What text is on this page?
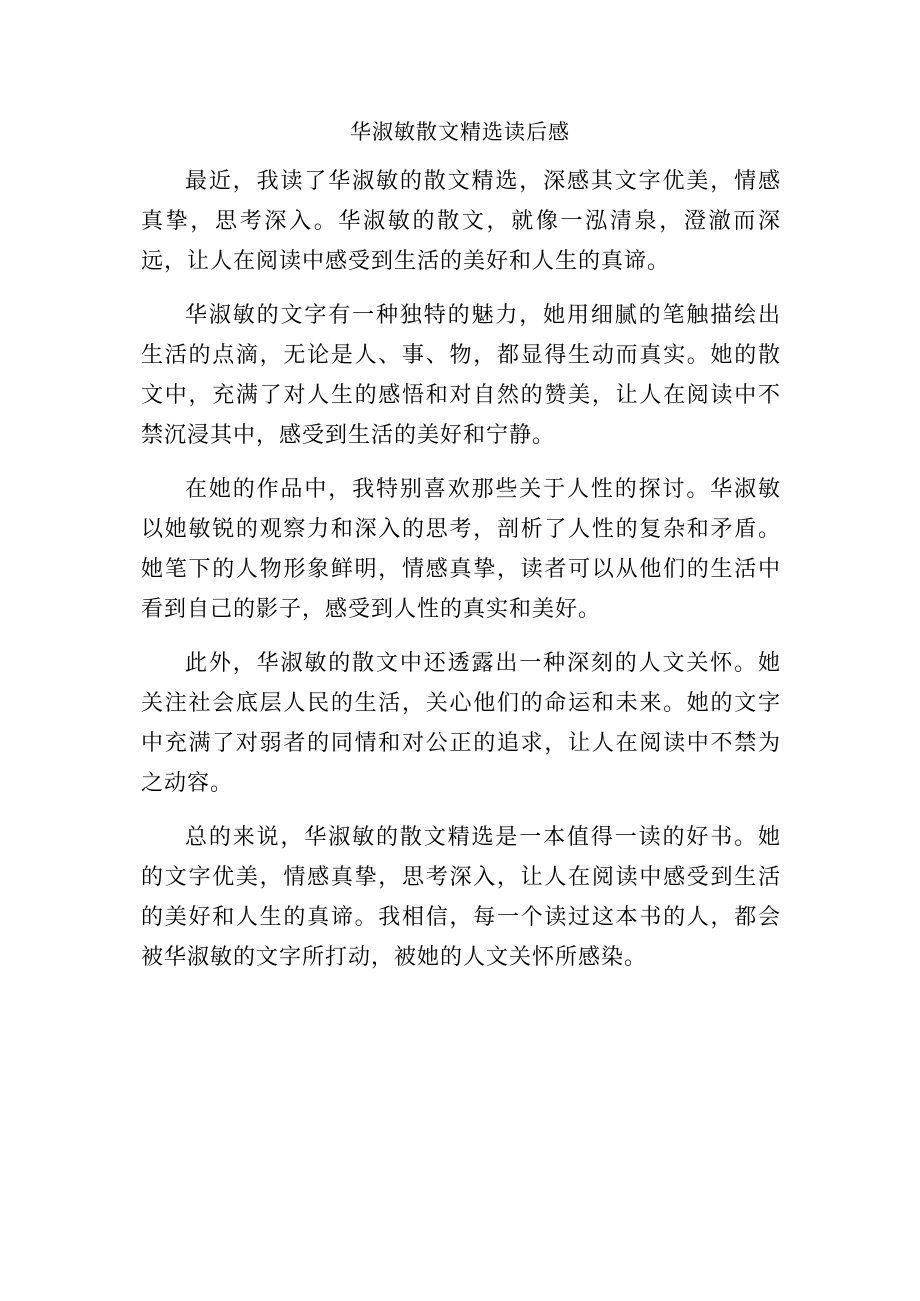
华淑敏散文精选读后感

最近，我读了华淑敏的散文精选，深感其文字优美，情感真挚，思考深入。华淑敏的散文，就像一泓清泉，澄澈而深远，让人在阅读中感受到生活的美好和人生的真谛。

华淑敏的文字有一种独特的魅力，她用细腻的笔触描绘出生活的点滴，无论是人、事、物，都显得生动而真实。她的散文中，充满了对人生的感悟和对自然的赞美，让人在阅读中不禁沉浸其中，感受到生活的美好和宁静。

在她的作品中，我特别喜欢那些关于人性的探讨。华淑敏以她敏锐的观察力和深入的思考，剖析了人性的复杂和矛盾。她笔下的人物形象鲜明，情感真挚，读者可以从他们的生活中看到自己的影子，感受到人性的真实和美好。

此外，华淑敏的散文中还透露出一种深刻的人文关怀。她关注社会底层人民的生活，关心他们的命运和未来。她的文字中充满了对弱者的同情和对公正的追求，让人在阅读中不禁为之动容。

总的来说，华淑敏的散文精选是一本值得一读的好书。她的文字优美，情感真挚，思考深入，让人在阅读中感受到生活的美好和人生的真谛。我相信，每一个读过这本书的人，都会被华淑敏的文字所打动，被她的人文关怀所感染。
